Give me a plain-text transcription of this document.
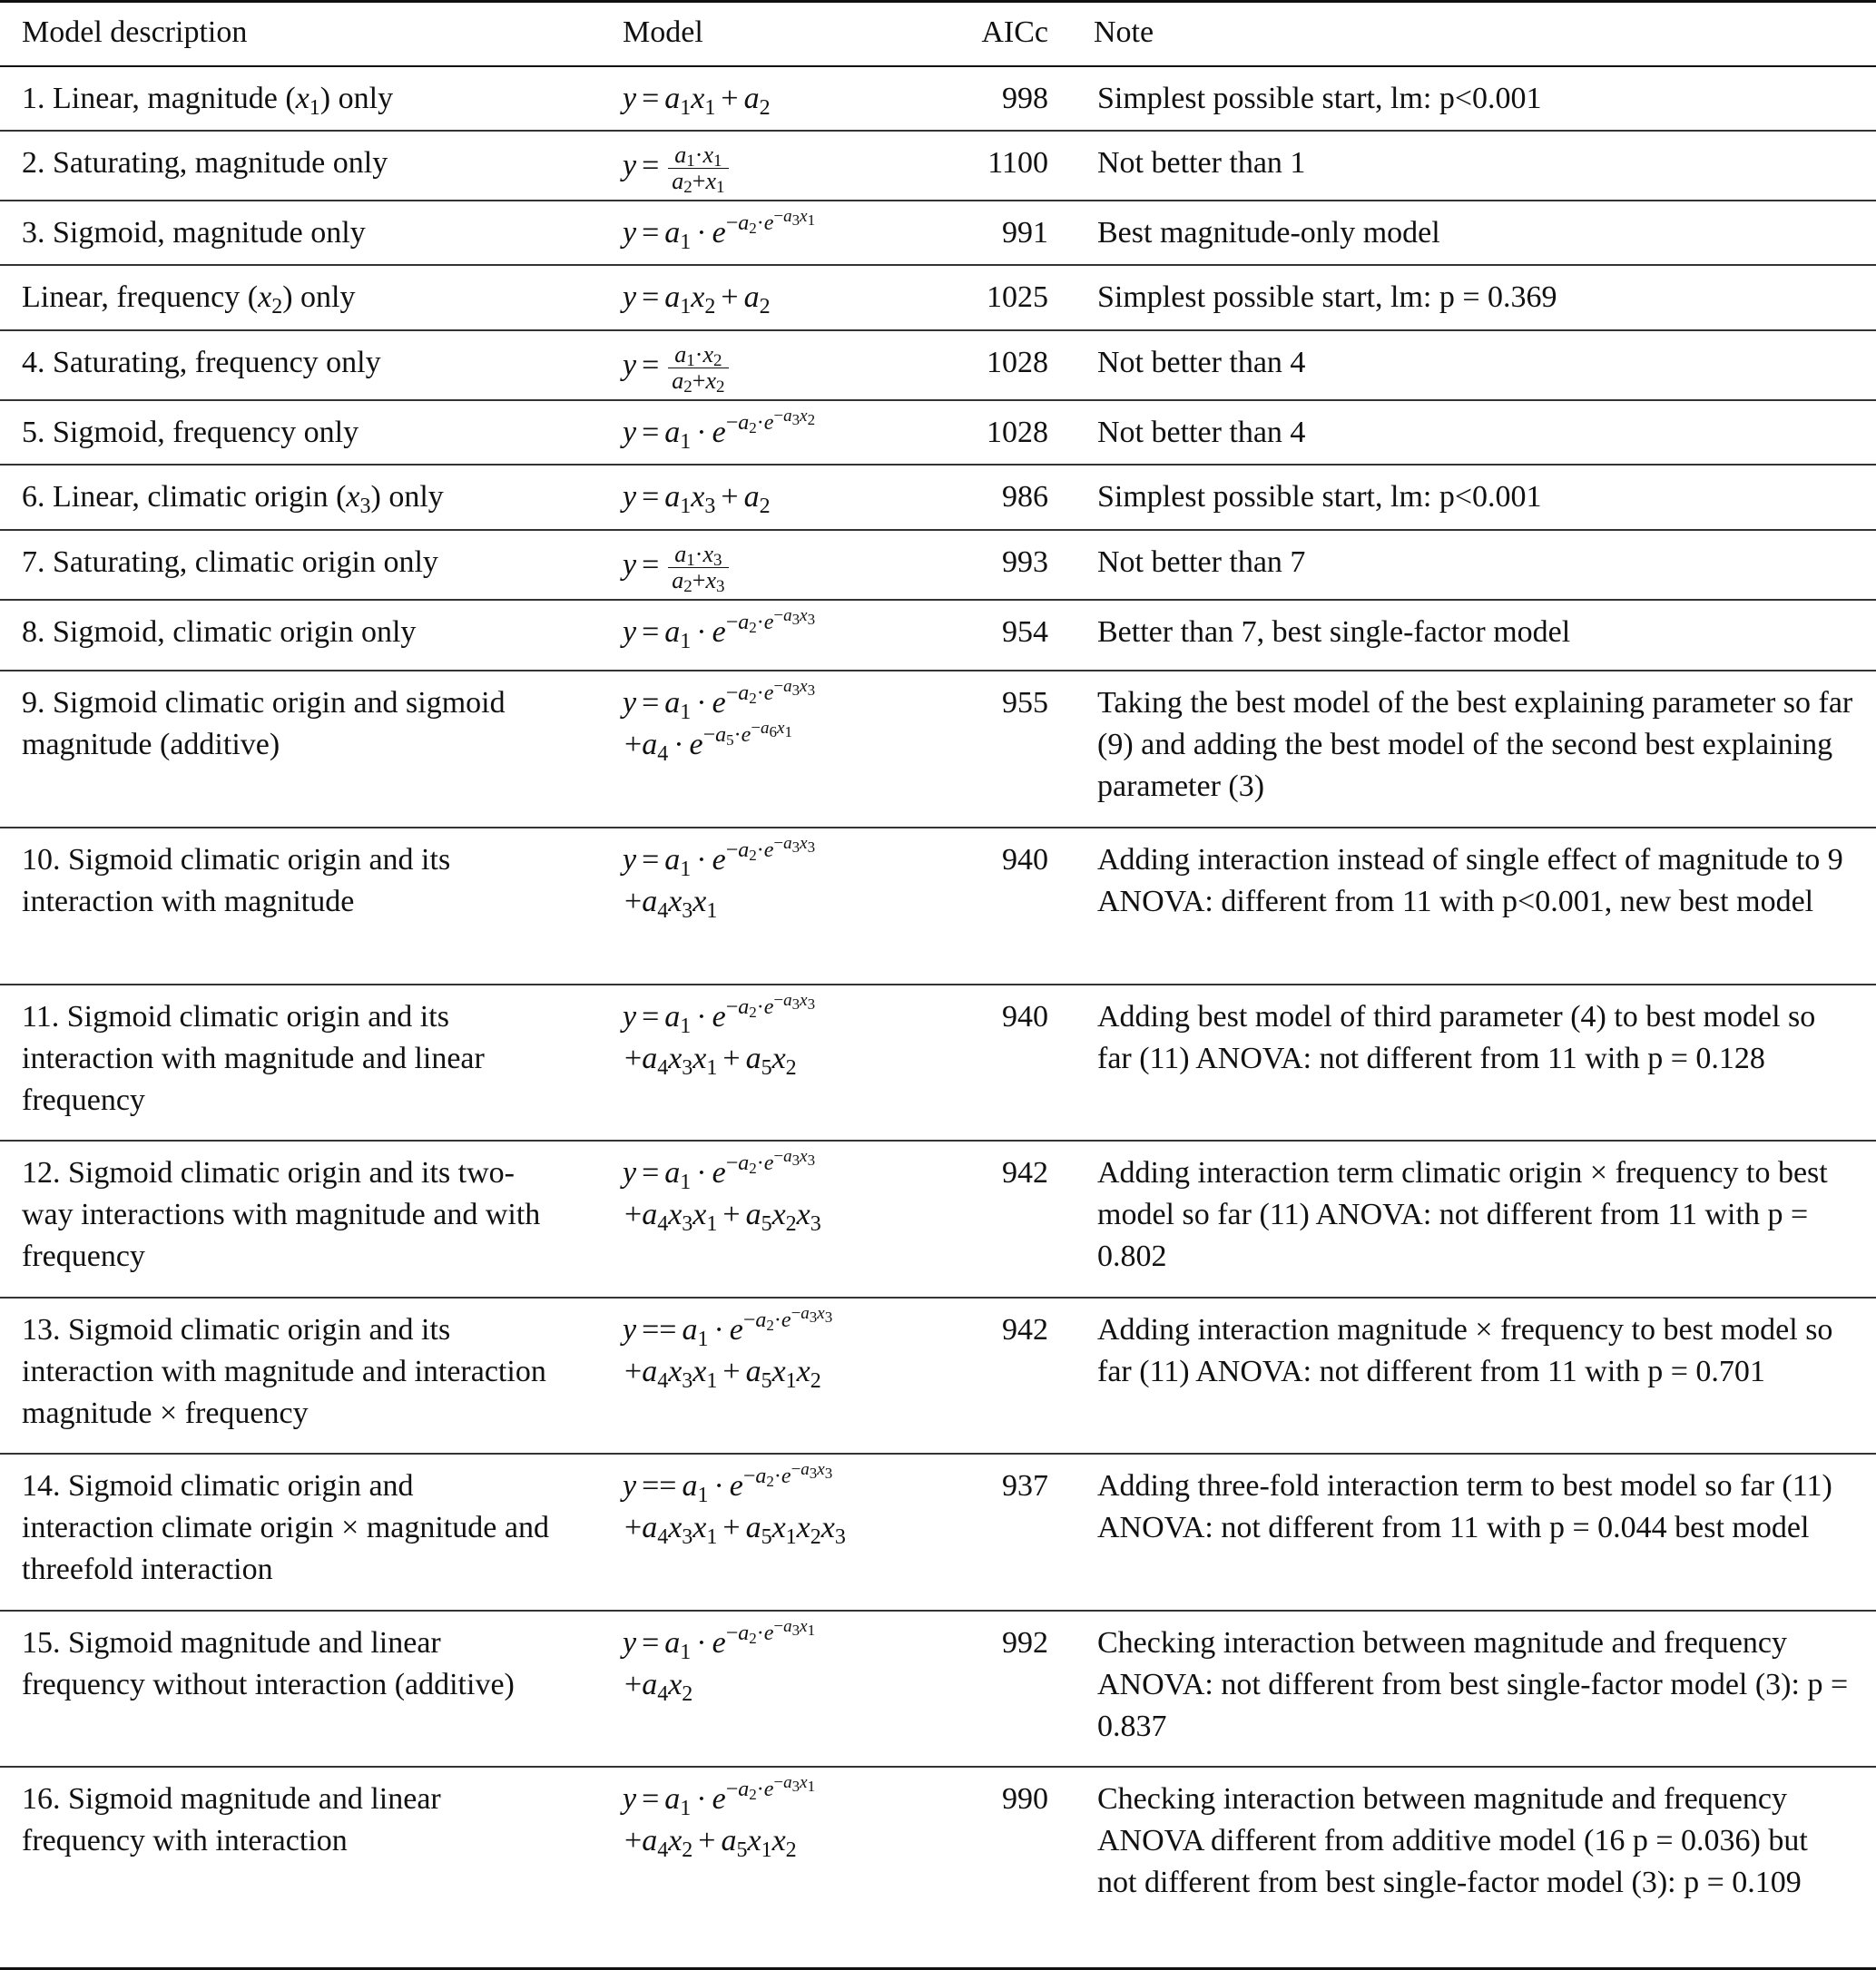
Model description	Model	AICc	Note
1. Linear, magnitude $(x_1)$ only	$y = a_1x_1 + a_2$	998	Simplest possible start, lm: p<0.001
2. Saturating, magnitude only	$y = \frac{a_1\cdot x_1}{a_2+x_1}$	1100	Not better than 1
3. Sigmoid, magnitude only	$y = a_1 \cdot e^{-a_2\cdot e^{-a_3x_1}}$	991	Best magnitude-only model
Linear, frequency $(x_2)$ only	$y = a_1x_2 + a_2$	1025	Simplest possible start, lm: p = 0.369
4. Saturating, frequency only	$y = \frac{a_1\cdot x_2}{a_2+x_2}$	1028	Not better than 4
5. Sigmoid, frequency only	$y = a_1 \cdot e^{-a_2\cdot e^{-a_3x_2}}$	1028	Not better than 4
6. Linear, climatic origin $(x_3)$ only	$y = a_1x_3 + a_2$	986	Simplest possible start, lm: p<0.001
7. Saturating, climatic origin only	$y = \frac{a_1\cdot x_3}{a_2+x_3}$	993	Not better than 7
8. Sigmoid, climatic origin only	$y = a_1 \cdot e^{-a_2\cdot e^{-a_3x_3}}$	954	Better than 7, best single-factor model
9. Sigmoid climatic origin and sigmoid magnitude (additive)	$y = a_1 \cdot e^{-a_2\cdot e^{-a_3x_3}}$
$+a_4 \cdot e^{-a_5\cdot e^{-a_6x_1}}$	955	Taking the best model of the best explaining parameter so far (9) and adding the best model of the second best explaining parameter (3)
10. Sigmoid climatic origin and its interaction with magnitude	$y = a_1 \cdot e^{-a_2\cdot e^{-a_3x_3}}$
$+a_4x_3x_1$	940	Adding interaction instead of single effect of magnitude to 9 ANOVA: different from 11 with p<0.001, new best model
11. Sigmoid climatic origin and its interaction with magnitude and linear frequency	$y = a_1 \cdot e^{-a_2\cdot e^{-a_3x_3}}$
$+a_4x_3x_1 + a_5x_2$	940	Adding best model of third parameter (4) to best model so far (11) ANOVA: not different from 11 with p = 0.128
12. Sigmoid climatic origin and its two-way interactions with magnitude and with frequency	$y = a_1 \cdot e^{-a_2\cdot e^{-a_3x_3}}$
$+a_4x_3x_1 + a_5x_2x_3$	942	Adding interaction term climatic origin × frequency to best model so far (11) ANOVA: not different from 11 with p = 0.802
13. Sigmoid climatic origin and its interaction with magnitude and interaction magnitude × frequency	$y == a_1 \cdot e^{-a_2\cdot e^{-a_3x_3}}$
$+a_4x_3x_1 + a_5x_1x_2$	942	Adding interaction magnitude × frequency to best model so far (11) ANOVA: not different from 11 with p = 0.701
14. Sigmoid climatic origin and interaction climate origin × magnitude and threefold interaction	$y == a_1 \cdot e^{-a_2\cdot e^{-a_3x_3}}$
$+a_4x_3x_1 + a_5x_1x_2x_3$	937	Adding three-fold interaction term to best model so far (11) ANOVA: not different from 11 with p = 0.044 best model
15. Sigmoid magnitude and linear frequency without interaction (additive)	$y = a_1 \cdot e^{-a_2\cdot e^{-a_3x_1}}$
$+a_4x_2$	992	Checking interaction between magnitude and frequency ANOVA: not different from best single-factor model (3): p = 0.837
16. Sigmoid magnitude and linear frequency with interaction	$y = a_1 \cdot e^{-a_2\cdot e^{-a_3x_1}}$
$+a_4x_2 + a_5x_1x_2$	990	Checking interaction between magnitude and frequency ANOVA different from additive model (16 p = 0.036) but not different from best single-factor model (3): p = 0.109
